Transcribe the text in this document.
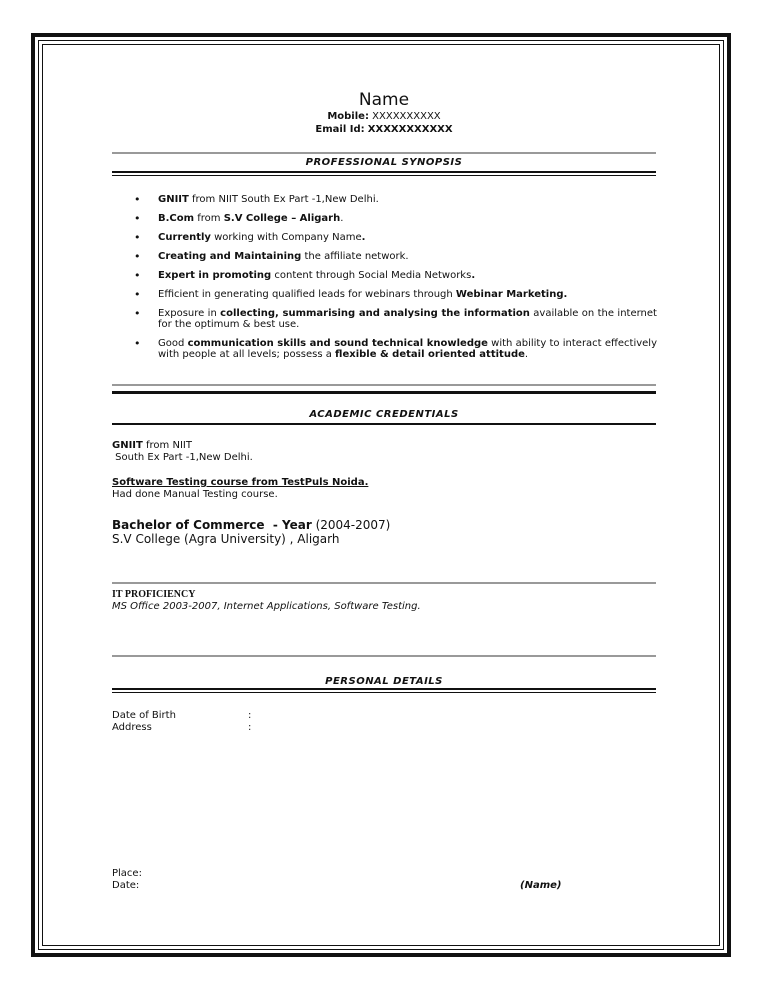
Name
Mobile: XXXXXXXXXX
Email Id: XXXXXXXXXXX
PROFESSIONAL SYNOPSIS
• GNIIT from NIIT South Ex Part -1,New Delhi.
• B.Com from S.V College – Aligarh.
• Currently working with Company Name.
• Creating and Maintaining the affiliate network.
• Expert in promoting content through Social Media Networks.
• Efficient in generating qualified leads for webinars through Webinar Marketing.
• Exposure in collecting, summarising and analysing the information available on the internet for the optimum & best use.
• Good communication skills and sound technical knowledge with ability to interact effectively with people at all levels; possess a flexible & detail oriented attitude.
ACADEMIC CREDENTIALS
GNIIT from NIIT
South Ex Part -1,New Delhi.
Software Testing course from TestPuls Noida.
Had done Manual Testing course.
Bachelor of Commerce  - Year (2004-2007)
S.V College (Agra University) , Aligarh
IT PROFICIENCY
MS Office 2003-2007, Internet Applications, Software Testing.
PERSONAL DETAILS
Date of Birth	:
Address	:
Place:
Date:	(Name)
